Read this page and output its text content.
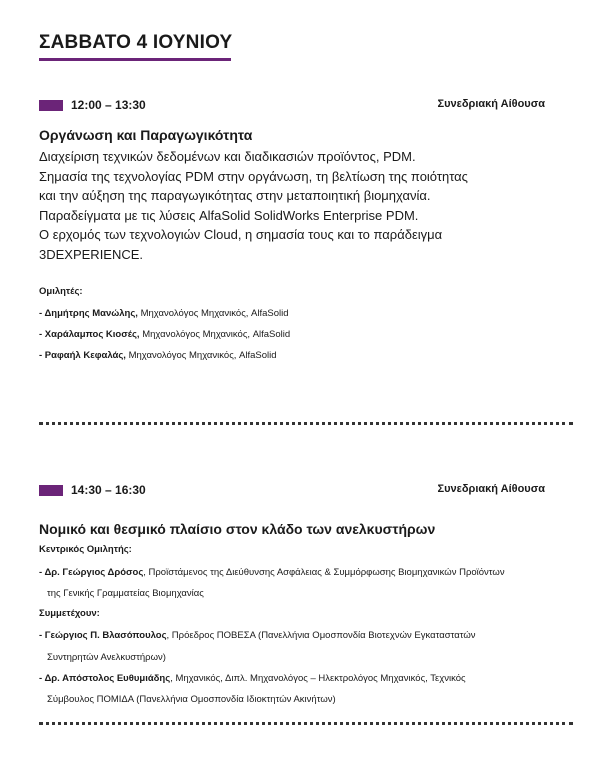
ΣΑΒΒΑΤΟ 4 ΙΟΥΝΙΟΥ
12:00 – 13:30	Συνεδριακή Αίθουσα
Οργάνωση και Παραγωγικότητα
Διαχείριση τεχνικών δεδομένων και διαδικασιών προϊόντος, PDM.
Σημασία της τεχνολογίας PDM στην οργάνωση, τη βελτίωση της ποιότητας
και την αύξηση της παραγωγικότητας στην μεταποιητική βιομηχανία.
Παραδείγματα με τις λύσεις AlfaSolid SolidWorks Enterprise PDM.
Ο ερχομός των τεχνολογιών Cloud, η σημασία τους και το παράδειγμα
3DEXPERIENCE.
Ομιλητές:
- Δημήτρης Μανώλης, Μηχανολόγος Μηχανικός, AlfaSolid
- Χαράλαμπος Κιοσές, Μηχανολόγος Μηχανικός, AlfaSolid
- Ραφαήλ Κεφαλάς, Μηχανολόγος Μηχανικός, AlfaSolid
14:30 – 16:30	Συνεδριακή Αίθουσα
Νομικό και θεσμικό πλαίσιο στον κλάδο των ανελκυστήρων
Κεντρικός Ομιλητής:
- Δρ. Γεώργιος Δρόσος, Προϊστάμενος της Διεύθυνσης Ασφάλειας & Συμμόρφωσης Βιομηχανικών Προϊόντων
της Γενικής Γραμματείας Βιομηχανίας
Συμμετέχουν:
- Γεώργιος Π. Βλασόπουλος, Πρόεδρος ΠΟΒΕΣΑ (Πανελλήνια Ομοσπονδία Βιοτεχνών Εγκαταστατών
Συντηρητών Ανελκυστήρων)
- Δρ. Απόστολος Ευθυμιάδης, Μηχανικός, Διπλ. Μηχανολόγος – Ηλεκτρολόγος Μηχανικός, Τεχνικός
Σύμβουλος ΠΟΜΙΔΑ (Πανελλήνια Ομοσπονδία Ιδιοκτητών Ακινήτων)
